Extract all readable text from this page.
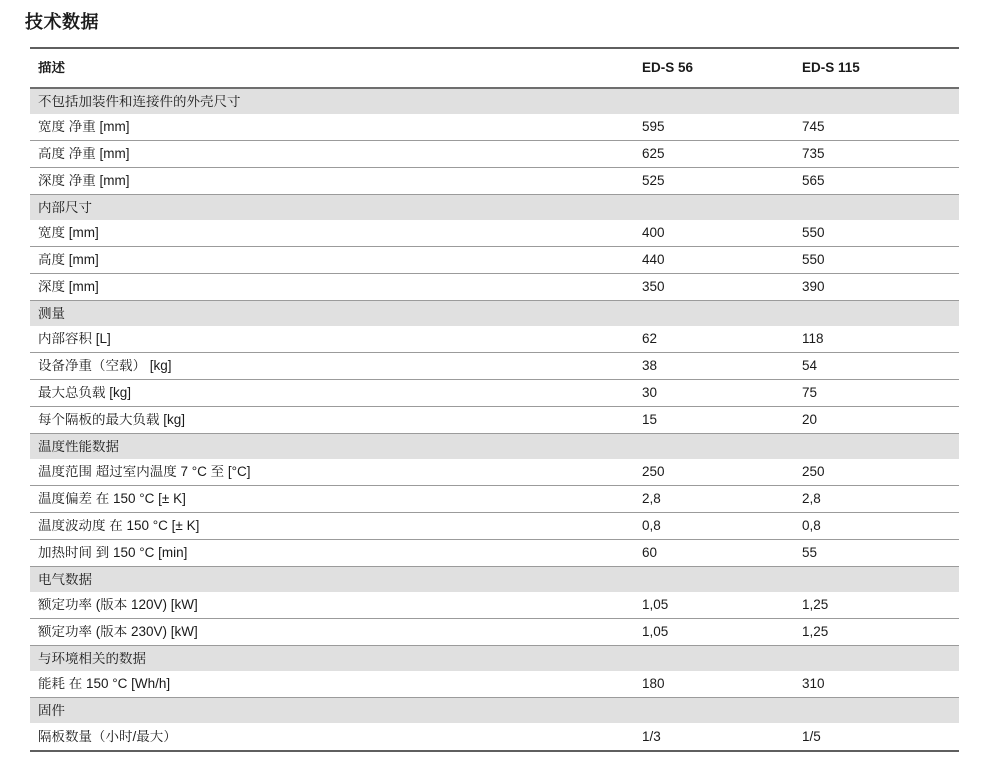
技术数据
描述	ED-S 56	ED-S 115
不包括加装件和连接件的外壳尺寸
宽度 净重 [mm]	595	745
高度 净重 [mm]	625	735
深度 净重 [mm]	525	565
内部尺寸
宽度 [mm]	400	550
高度 [mm]	440	550
深度 [mm]	350	390
测量
内部容积 [L]	62	118
设备净重（空载） [kg]	38	54
最大总负载 [kg]	30	75
每个隔板的最大负载 [kg]	15	20
温度性能数据
温度范围 超过室内温度 7 °C 至 [°C]	250	250
温度偏差 在 150 °C [± K]	2,8	2,8
温度波动度 在 150 °C [± K]	0,8	0,8
加热时间 到 150 °C [min]	60	55
电气数据
额定功率 (版本 120V) [kW]	1,05	1,25
额定功率 (版本 230V) [kW]	1,05	1,25
与环境相关的数据
能耗 在 150 °C [Wh/h]	180	310
固件
隔板数量（小时/最大）	1/3	1/5
